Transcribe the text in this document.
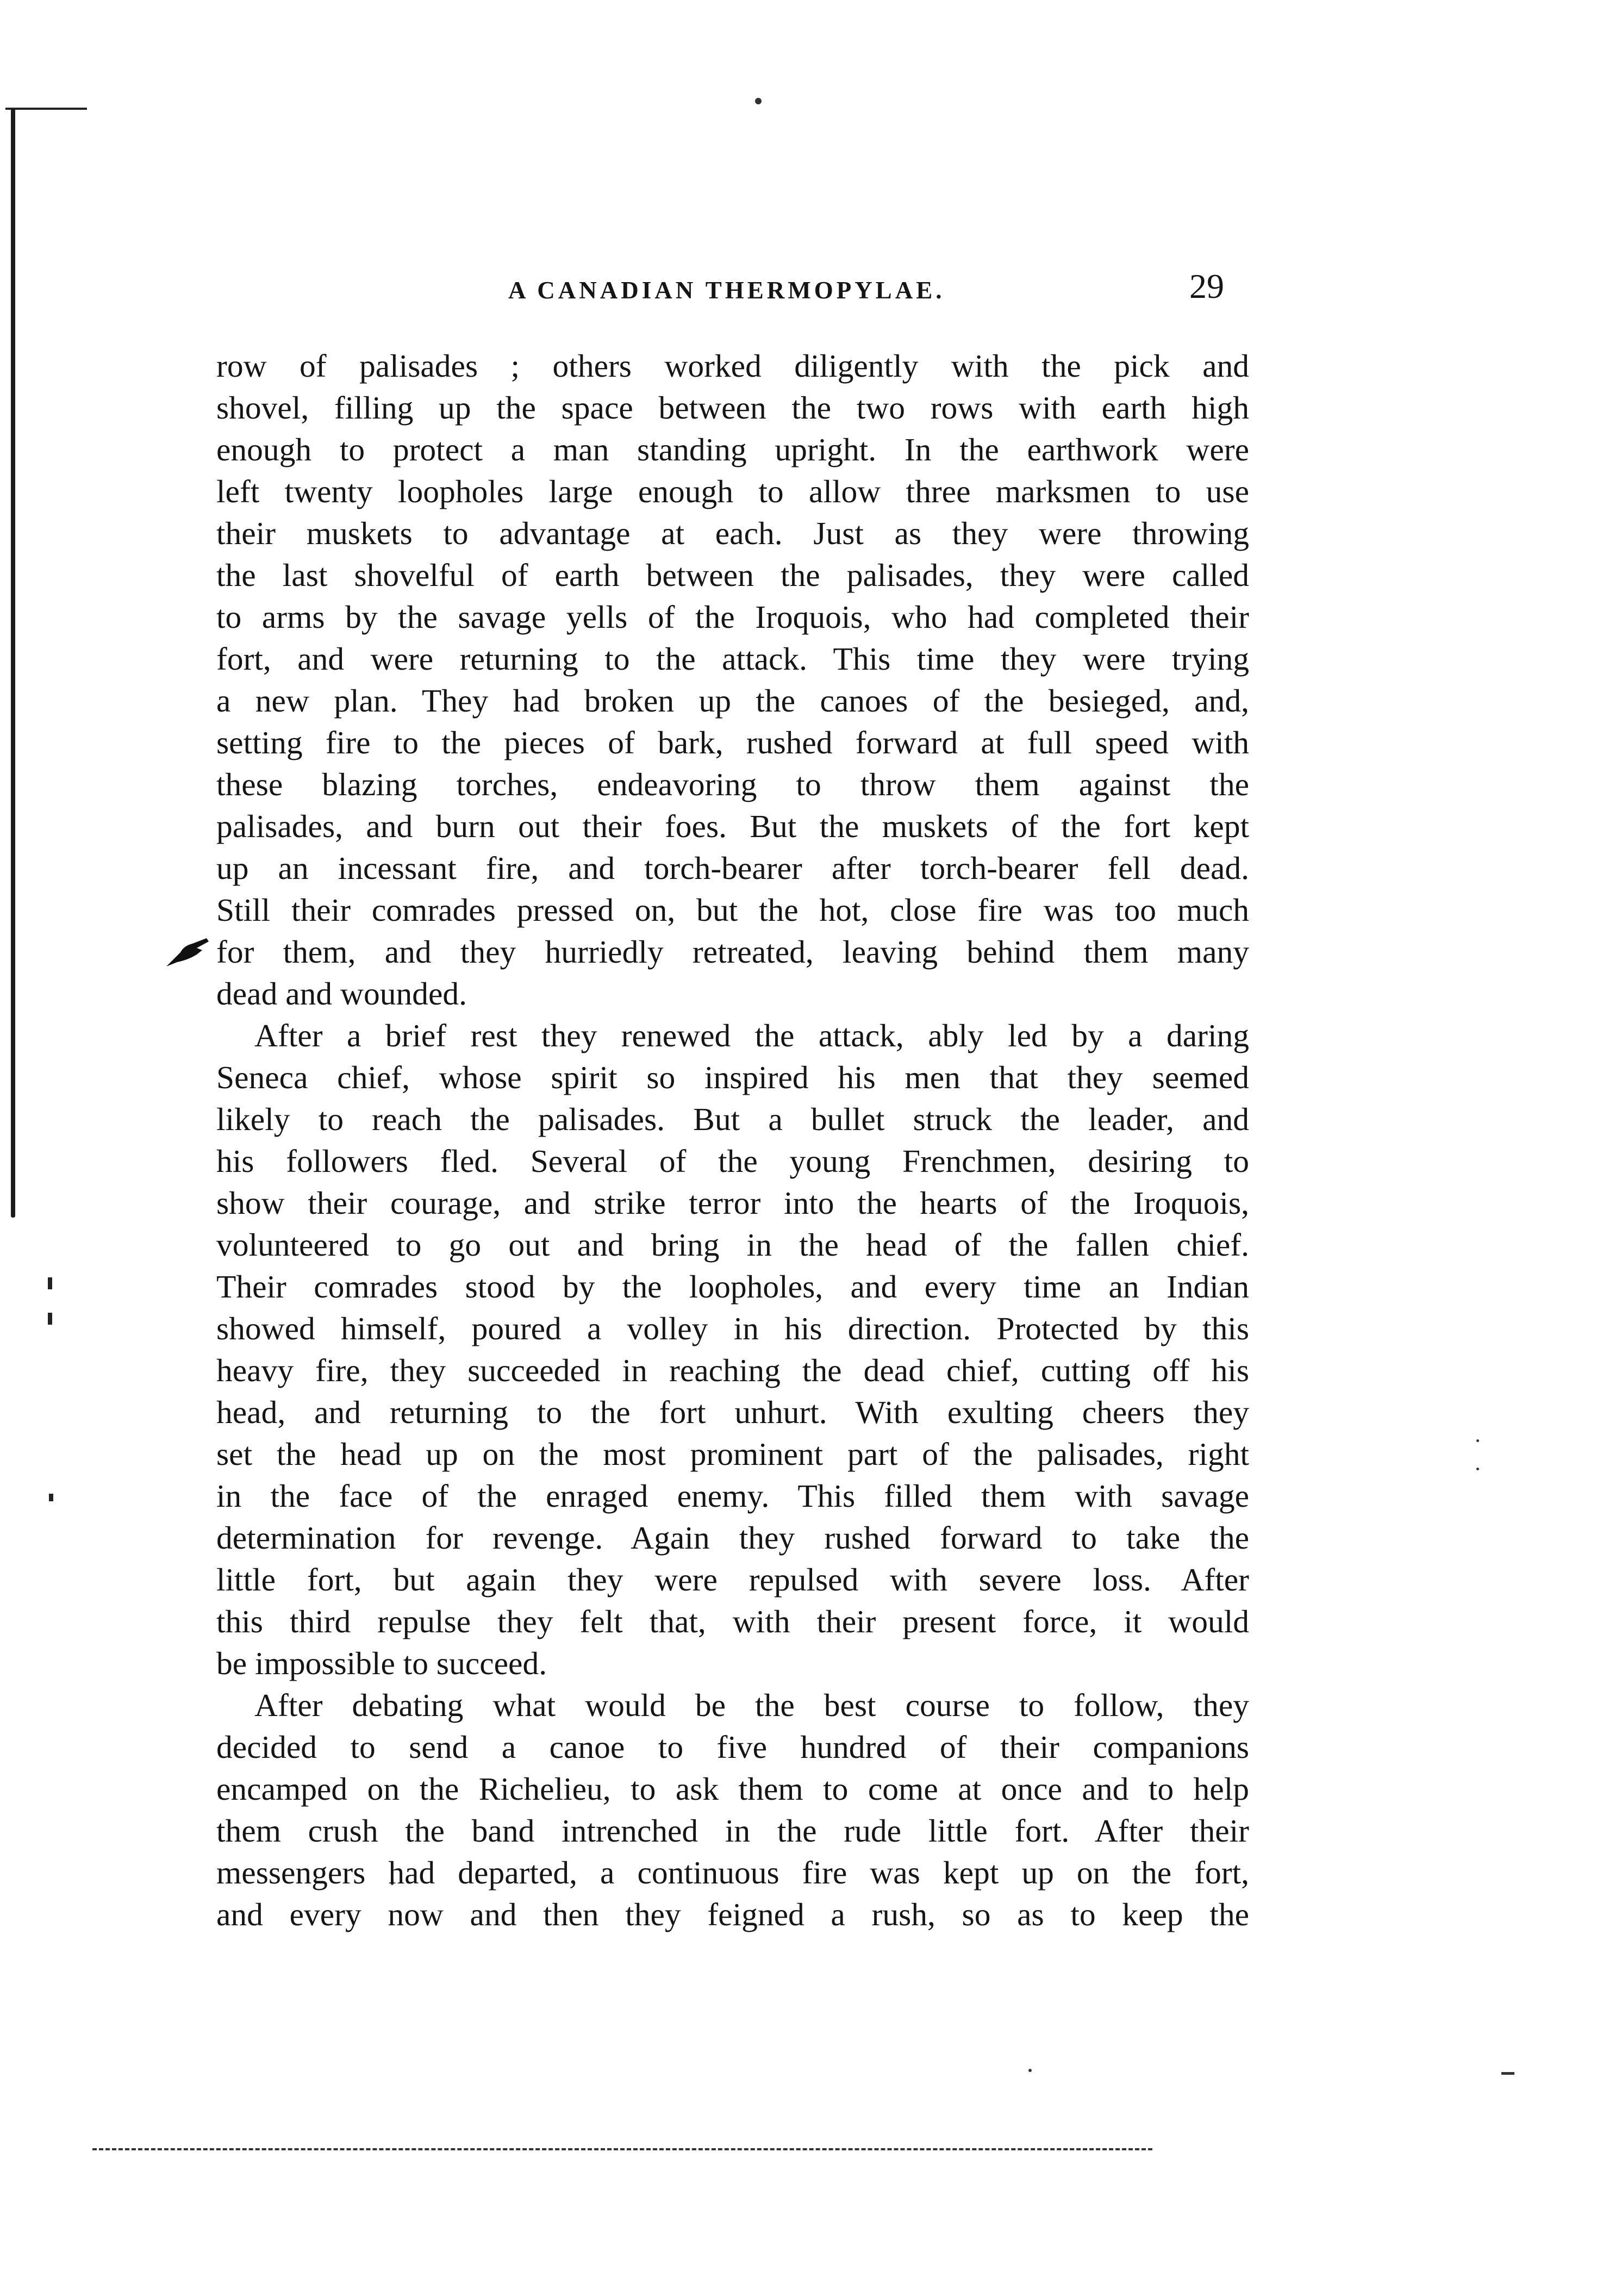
A CANADIAN THERMOPYLAE.	29
row of palisades ; others worked diligently with the pick and
shovel, filling up the space between the two rows with earth high
enough to protect a man standing upright. In the earthwork were
left twenty loopholes large enough to allow three marksmen to use
their muskets to advantage at each. Just as they were throwing
the last shovelful of earth between the palisades, they were called
to arms by the savage yells of the Iroquois, who had completed their
fort, and were returning to the attack. This time they were trying
a new plan. They had broken up the canoes of the besieged, and,
setting fire to the pieces of bark, rushed forward at full speed with
these blazing torches, endeavoring to throw them against the
palisades, and burn out their foes. But the muskets of the fort kept
up an incessant fire, and torch-bearer after torch-bearer fell dead.
Still their comrades pressed on, but the hot, close fire was too much
for them, and they hurriedly retreated, leaving behind them many
dead and wounded.
After a brief rest they renewed the attack, ably led by a daring
Seneca chief, whose spirit so inspired his men that they seemed
likely to reach the palisades. But a bullet struck the leader, and
his followers fled. Several of the young Frenchmen, desiring to
show their courage, and strike terror into the hearts of the Iroquois,
volunteered to go out and bring in the head of the fallen chief.
Their comrades stood by the loopholes, and every time an Indian
showed himself, poured a volley in his direction. Protected by this
heavy fire, they succeeded in reaching the dead chief, cutting off his
head, and returning to the fort unhurt. With exulting cheers they
set the head up on the most prominent part of the palisades, right
in the face of the enraged enemy. This filled them with savage
determination for revenge. Again they rushed forward to take the
little fort, but again they were repulsed with severe loss. After
this third repulse they felt that, with their present force, it would
be impossible to succeed.
After debating what would be the best course to follow, they
decided to send a canoe to five hundred of their companions
encamped on the Richelieu, to ask them to come at once and to help
them crush the band intrenched in the rude little fort. After their
messengers had departed, a continuous fire was kept up on the fort,
and every now and then they feigned a rush, so as to keep the
